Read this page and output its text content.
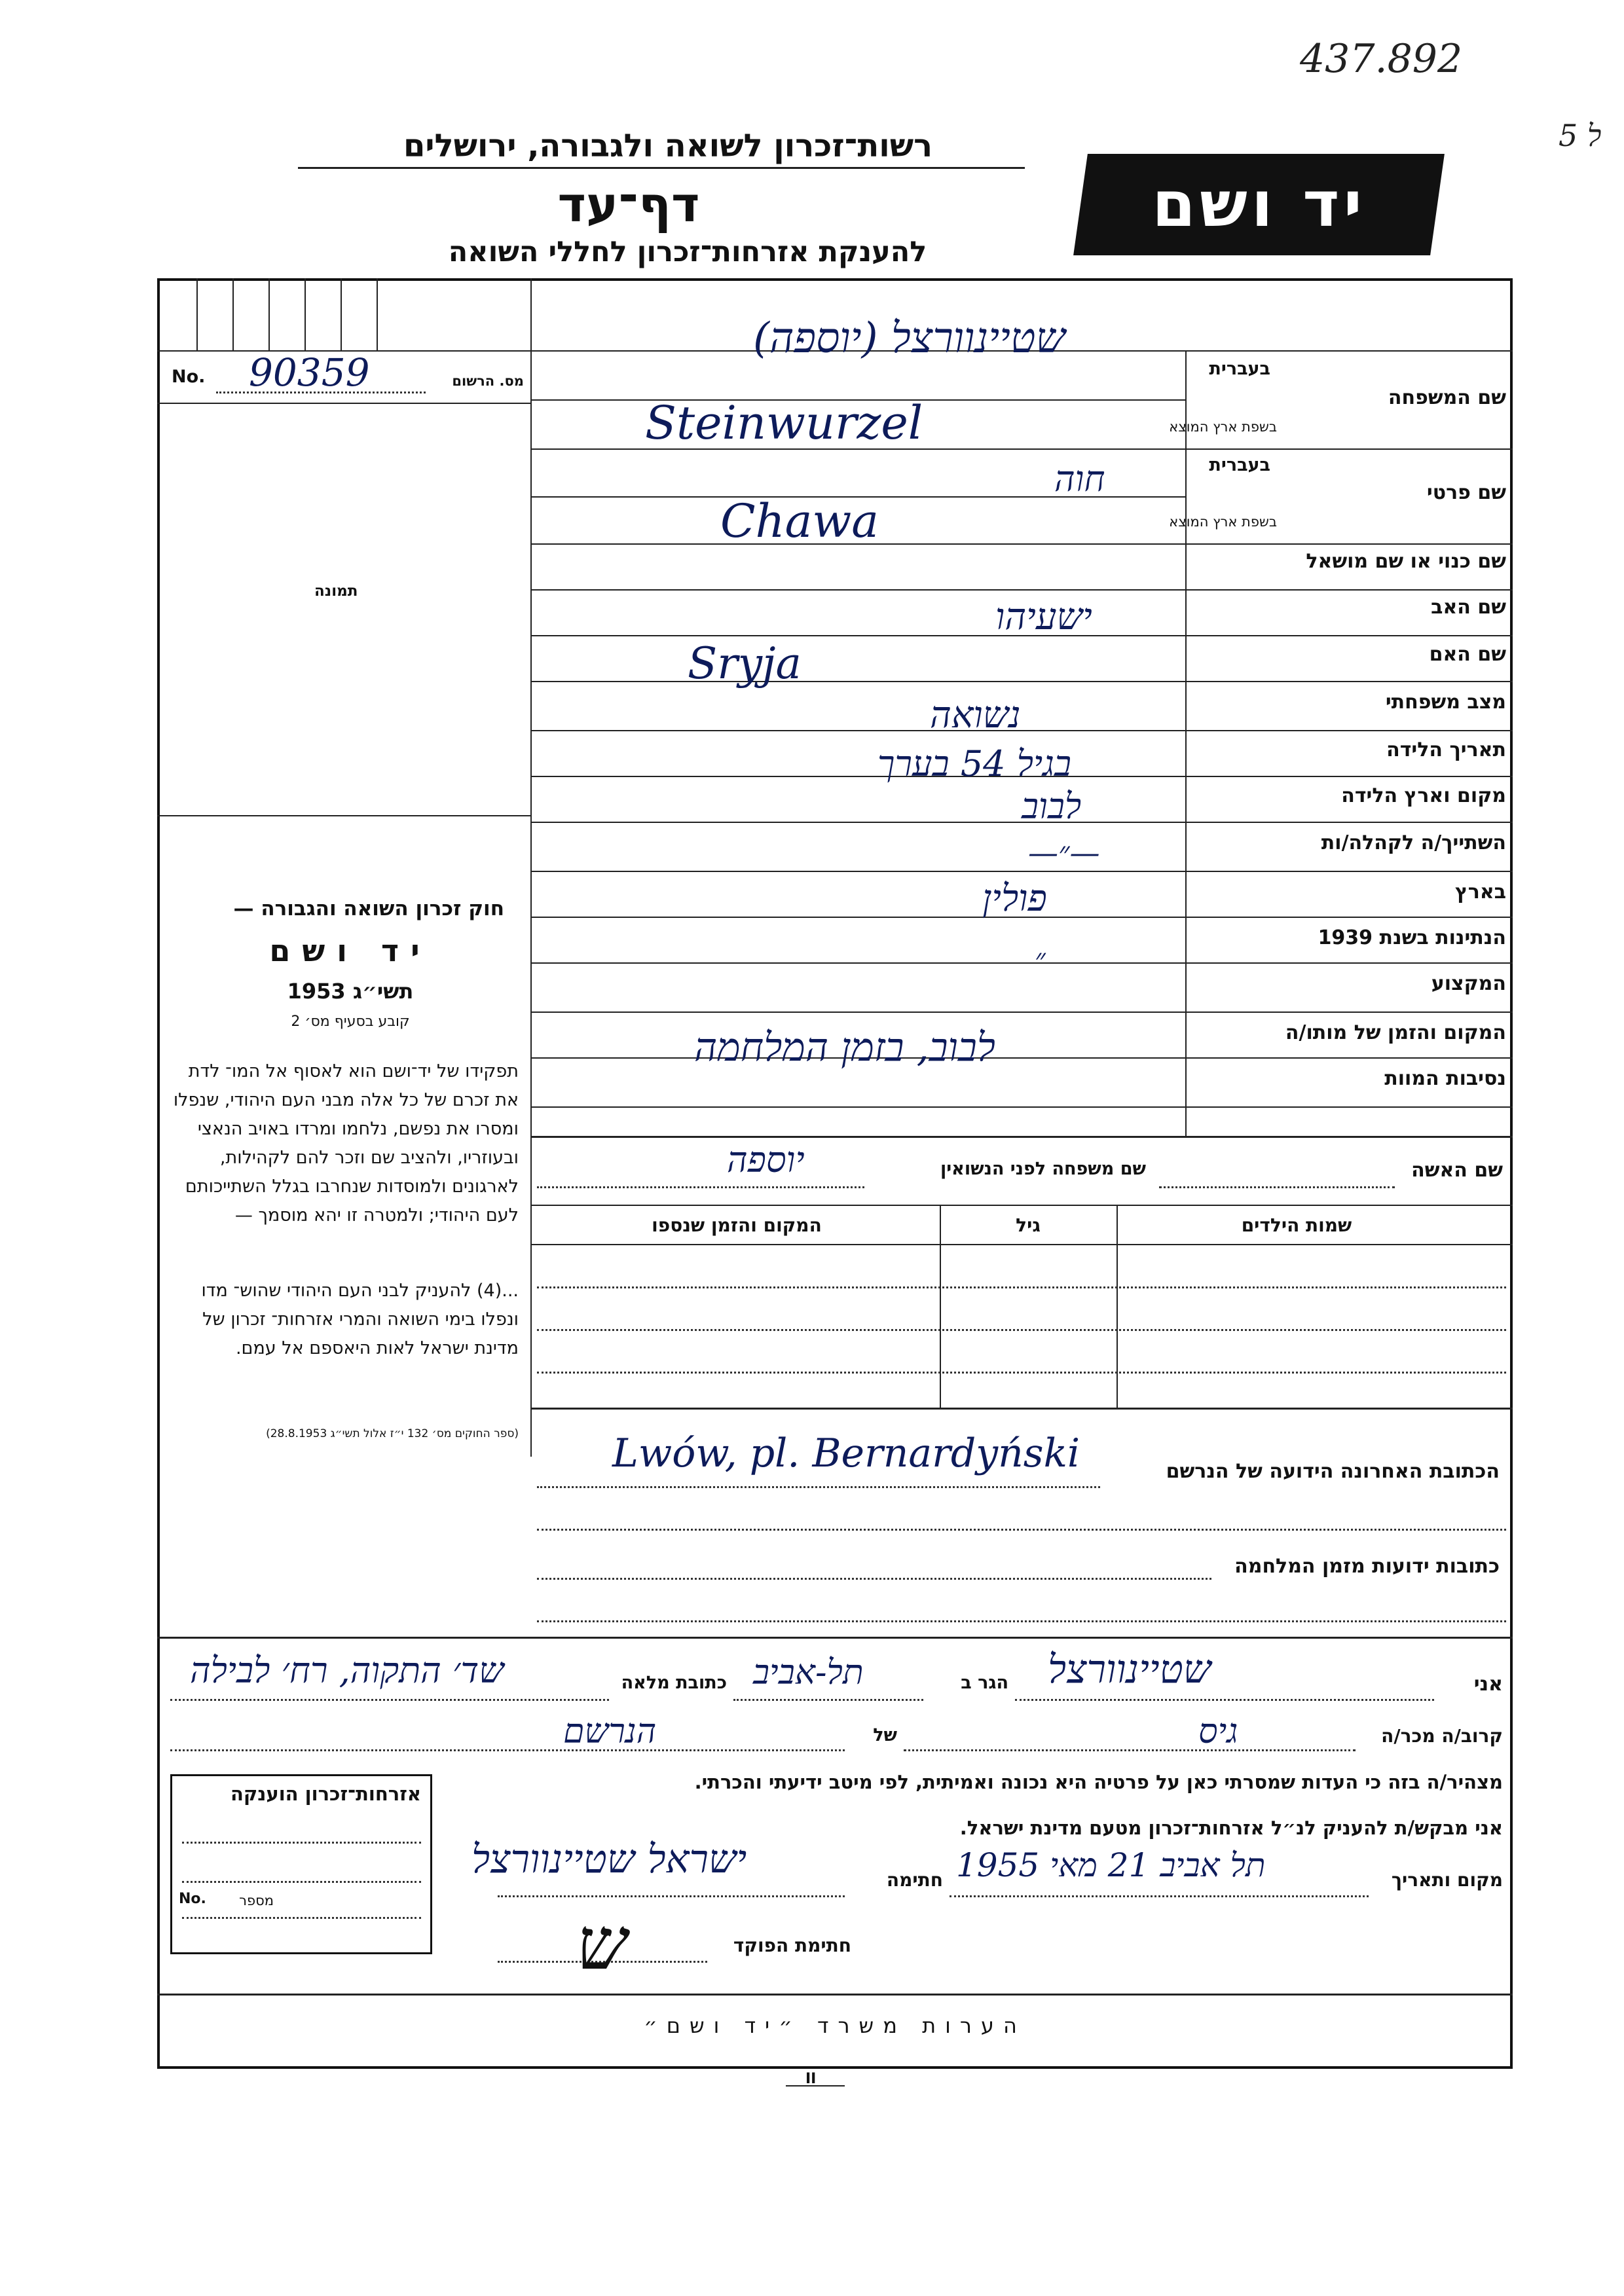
437.892
ל 5
רשות־זכרון לשואה ולגבורה, ירושלים
דף־עד
להענקת אזרחות־זכרון לחללי השואה
יד ושם
No. 90359	מס. הרשום
תמונה
שם המשפחה
בעברית
בשפת ארץ המוצא
שם פרטי
בעברית
בשפת ארץ המוצא
שם כנוי או שם מושאל
שם האב
שם האם
מצב משפחתי
תאריך הלידה
מקום וארץ הלידה
השתייך/ה לקהלה/ות
בארץ
הנתינות בשנת 1939
המקצוע
המקום והזמן של מותו/ה
נסיבות המוות
שטיינוורצל (יוספה)
Steinwurzel
חוה
Chawa
ישעיהו
Sryja
נשואה
בגיל 54 בערך
לבוב
—״—
פולין
״
לבוב, בזמן המלחמה
שם האשה
שם משפחה לפני הנשואין
יוספה
שמות הילדים
גיל
המקום והזמן שנספו
חוק זכרון השואה והגבורה —
יד ושם
תשי״ג 1953
קובע בסעיף מס׳ 2
תפקידו של יד־ושם הוא לאסוף אל המו־ לדת את זכרם של כל אלה מבני העם היהודי, שנפלו ומסרו את נפשם, נלחמו ומרדו באויב הנאצי ובעוזריו, ולהציב שם וזכר להם לקהילות, לארגונים ולמוסדות שנחרבו בגלל השתייכותם לעם היהודי; ולמטרה זו יהא מוסמך —
...(4) להעניק לבני העם היהודי שהוש־ מדו ונפלו בימי השואה והמרי אזרחות־ זכרון של מדינת ישראל לאות היאספם אל עמם.
(ספר החוקים מס׳ 132 י״ז אלול תשי״ג 28.8.1953)
הכתובת האחרונה הידועה של הנרשם
Lwów, pl. Bernardyński
כתובות ידועות מזמן המלחמה
אני
שטיינוורצל
הגר ב
תל-אביב
כתובת מלאה
שד׳ התקוה, רח׳ לבילה
קרוב/ה מכר/ה
גיס
של
הנרשם
מצהיר/ה בזה כי העדות שמסרתי כאן על פרטיה היא נכונה ואמיתית, לפי מיטב ידיעתי והכרתי.
אני מבקש/ת להעניק לנ״ל אזרחות־זכרון מטעם מדינת ישראל.
מקום ותאריך
תל אביב 21 מאי 1955
חתימה
ישראל שטיינוורצל
חתימת הפוקד
ש
אזרחות־זכרון הוענקה
No.	מספר
הערות משרד ״יד ושם״
II
